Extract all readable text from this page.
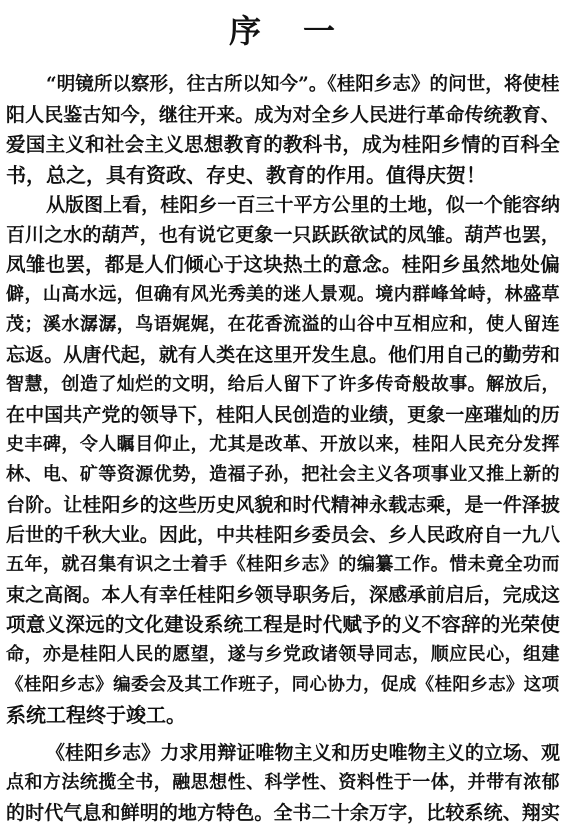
序 一
“明镜所以察形，往古所以知今”。《桂阳乡志》的问世，将使桂
阳人民鉴古知今，继往开来。成为对全乡人民进行革命传统教育、
爱国主义和社会主义思想教育的教科书，成为桂阳乡情的百科全
书，总之，具有资政、存史、教育的作用。值得庆贺！
从版图上看，桂阳乡一百三十平方公里的土地，似一个能容纳
百川之水的葫芦，也有说它更象一只跃跃欲试的凤雏。葫芦也罢，
凤雏也罢，都是人们倾心于这块热土的意念。桂阳乡虽然地处偏
僻，山高水远，但确有风光秀美的迷人景观。境内群峰耸峙，林盛草
茂；溪水潺潺，鸟语娓娓，在花香流溢的山谷中互相应和，使人留连
忘返。从唐代起，就有人类在这里开发生息。他们用自己的勤劳和
智慧，创造了灿烂的文明，给后人留下了许多传奇般故事。解放后，
在中国共产党的领导下，桂阳人民创造的业绩，更象一座璀灿的历
史丰碑，令人瞩目仰止，尤其是改革、开放以来，桂阳人民充分发挥
林、电、矿等资源优势，造福子孙，把社会主义各项事业又推上新的
台阶。让桂阳乡的这些历史风貌和时代精神永载志乘，是一件泽披
后世的千秋大业。因此，中共桂阳乡委员会、乡人民政府自一九八
五年，就召集有识之士着手《桂阳乡志》的编纂工作。惜未竟全功而
束之高阁。本人有幸任桂阳乡领导职务后，深感承前启后，完成这
项意义深远的文化建设系统工程是时代赋予的义不容辞的光荣使
命，亦是桂阳人民的愿望，遂与乡党政诸领导同志，顺应民心，组建
《桂阳乡志》编委会及其工作班子，同心协力，促成《桂阳乡志》这项
系统工程终于竣工。
《桂阳乡志》力求用辩证唯物主义和历史唯物主义的立场、观
点和方法统揽全书，融思想性、科学性、资料性于一体，并带有浓郁
的时代气息和鲜明的地方特色。全书二十余万字，比较系统、翔实
